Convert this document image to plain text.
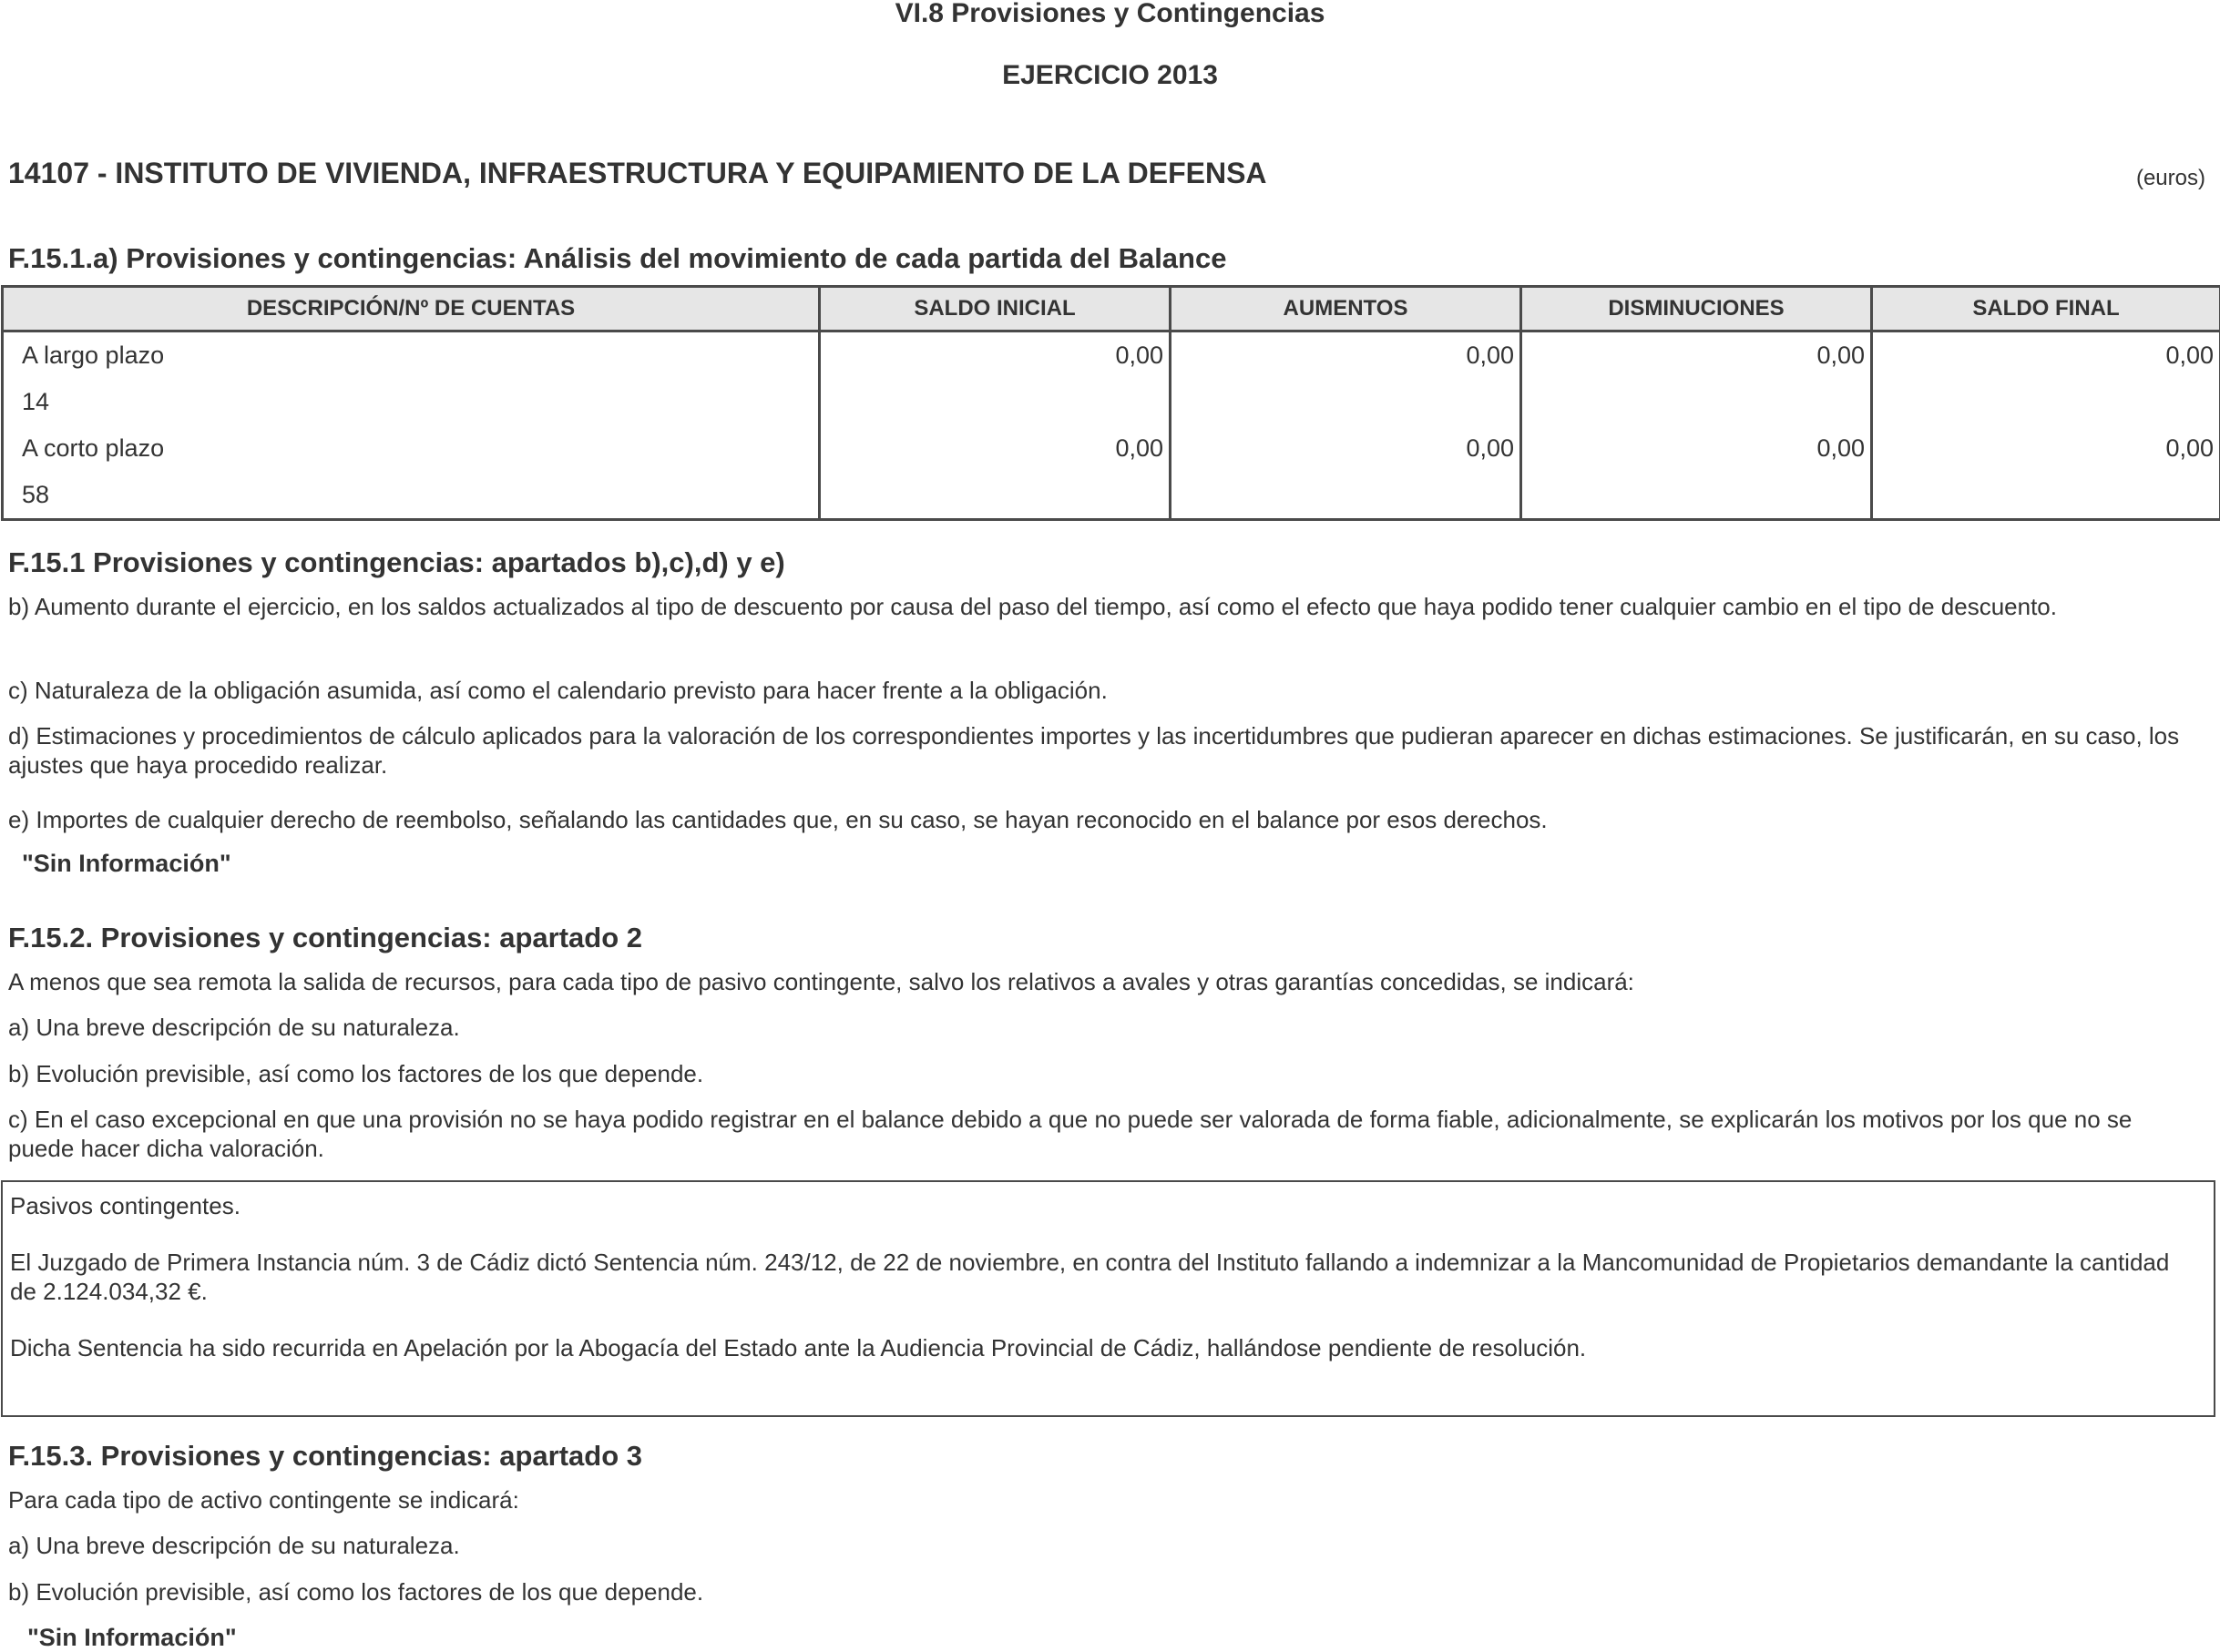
VI.8 Provisiones y Contingencias
EJERCICIO 2013
14107 - INSTITUTO DE VIVIENDA, INFRAESTRUCTURA Y EQUIPAMIENTO DE LA DEFENSA	(euros)
F.15.1.a) Provisiones y contingencias: Análisis del movimiento de cada partida del Balance
DESCRIPCIÓN/Nº DE CUENTAS	SALDO INICIAL	AUMENTOS	DISMINUCIONES	SALDO FINAL
A largo plazo	0,00	0,00	0,00	0,00
14				
A corto plazo	0,00	0,00	0,00	0,00
58				
F.15.1 Provisiones y contingencias: apartados b),c),d) y e)
b) Aumento durante el ejercicio, en los saldos actualizados al tipo de descuento por causa del paso del tiempo, así como el efecto que haya podido tener cualquier cambio en el tipo de descuento.
c) Naturaleza de la obligación asumida, así como el calendario previsto para hacer frente a la obligación.
d) Estimaciones y procedimientos de cálculo aplicados para la valoración de los correspondientes importes y las incertidumbres que pudieran aparecer en dichas estimaciones. Se justificarán, en su caso, los ajustes que haya procedido realizar.
e) Importes de cualquier derecho de reembolso, señalando las cantidades que, en su caso, se hayan reconocido en el balance por esos derechos.
"Sin Información"
F.15.2. Provisiones y contingencias: apartado 2
A menos que sea remota la salida de recursos, para cada tipo de pasivo contingente, salvo los relativos a avales y otras garantías concedidas, se indicará:
a) Una breve descripción de su naturaleza.
b) Evolución previsible, así como los factores de los que depende.
c) En el caso excepcional en que una provisión no se haya podido registrar en el balance debido a que no puede ser valorada de forma fiable, adicionalmente, se explicarán los motivos por los que no se puede hacer dicha valoración.
Pasivos contingentes.
El Juzgado de Primera Instancia núm. 3 de Cádiz dictó Sentencia núm. 243/12, de 22 de noviembre, en contra del Instituto fallando a indemnizar a la Mancomunidad de Propietarios demandante la cantidad de 2.124.034,32 €.
Dicha Sentencia ha sido recurrida en Apelación por la Abogacía del Estado ante la Audiencia Provincial de Cádiz, hallándose pendiente de resolución.
F.15.3. Provisiones y contingencias: apartado 3
Para cada tipo de activo contingente se indicará:
a) Una breve descripción de su naturaleza.
b) Evolución previsible, así como los factores de los que depende.
"Sin Información"
